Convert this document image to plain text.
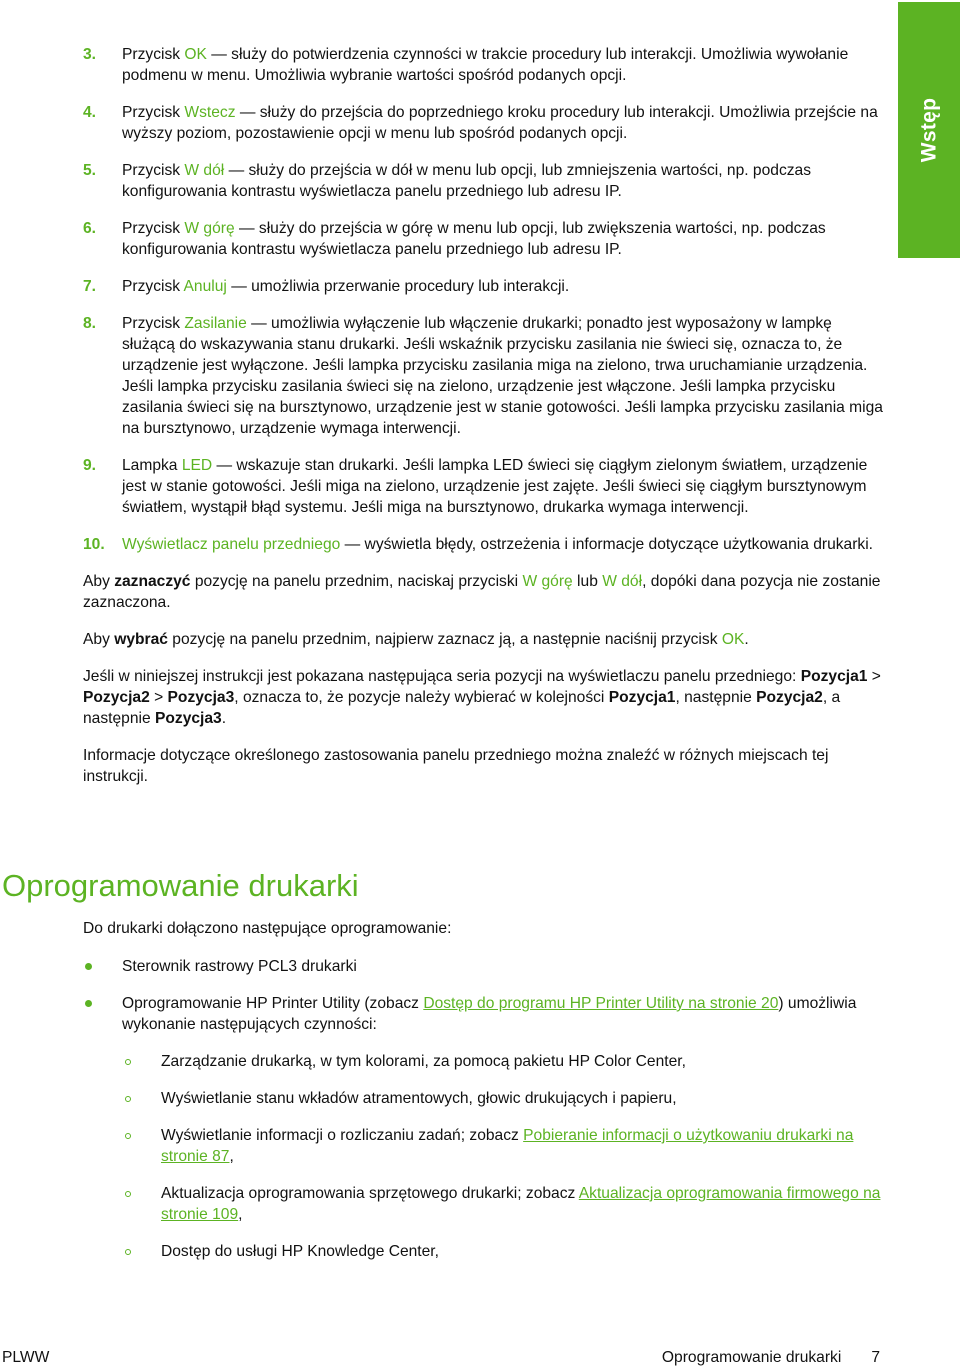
Wstęp
3.	Przycisk OK — służy do potwierdzenia czynności w trakcie procedury lub interakcji. Umożliwia wywołanie podmenu w menu. Umożliwia wybranie wartości spośród podanych opcji.
4.	Przycisk Wstecz — służy do przejścia do poprzedniego kroku procedury lub interakcji. Umożliwia przejście na wyższy poziom, pozostawienie opcji w menu lub spośród podanych opcji.
5.	Przycisk W dół — służy do przejścia w dół w menu lub opcji, lub zmniejszenia wartości, np. podczas konfigurowania kontrastu wyświetlacza panelu przedniego lub adresu IP.
6.	Przycisk W górę — służy do przejścia w górę w menu lub opcji, lub zwiększenia wartości, np. podczas konfigurowania kontrastu wyświetlacza panelu przedniego lub adresu IP.
7.	Przycisk Anuluj — umożliwia przerwanie procedury lub interakcji.
8.	Przycisk Zasilanie — umożliwia wyłączenie lub włączenie drukarki; ponadto jest wyposażony w lampkę służącą do wskazywania stanu drukarki. Jeśli wskaźnik przycisku zasilania nie świeci się, oznacza to, że urządzenie jest wyłączone. Jeśli lampka przycisku zasilania miga na zielono, trwa uruchamianie urządzenia. Jeśli lampka przycisku zasilania świeci się na zielono, urządzenie jest włączone. Jeśli lampka przycisku zasilania świeci się na bursztynowo, urządzenie jest w stanie gotowości. Jeśli lampka przycisku zasilania miga na bursztynowo, urządzenie wymaga interwencji.
9.	Lampka LED — wskazuje stan drukarki. Jeśli lampka LED świeci się ciągłym zielonym światłem, urządzenie jest w stanie gotowości. Jeśli miga na zielono, urządzenie jest zajęte. Jeśli świeci się ciągłym bursztynowym światłem, wystąpił błąd systemu. Jeśli miga na bursztynowo, drukarka wymaga interwencji.
10.	Wyświetlacz panelu przedniego — wyświetla błędy, ostrzeżenia i informacje dotyczące użytkowania drukarki.

Aby zaznaczyć pozycję na panelu przednim, naciskaj przyciski W górę lub W dół, dopóki dana pozycja nie zostanie zaznaczona.

Aby wybrać pozycję na panelu przednim, najpierw zaznacz ją, a następnie naciśnij przycisk OK.

Jeśli w niniejszej instrukcji jest pokazana następująca seria pozycji na wyświetlaczu panelu przedniego: Pozycja1 > Pozycja2 > Pozycja3, oznacza to, że pozycje należy wybierać w kolejności Pozycja1, następnie Pozycja2, a następnie Pozycja3.

Informacje dotyczące określonego zastosowania panelu przedniego można znaleźć w różnych miejscach tej instrukcji.

Oprogramowanie drukarki

Do drukarki dołączono następujące oprogramowanie:

Sterownik rastrowy PCL3 drukarki
Oprogramowanie HP Printer Utility (zobacz Dostęp do programu HP Printer Utility na stronie 20) umożliwia wykonanie następujących czynności:
Zarządzanie drukarką, w tym kolorami, za pomocą pakietu HP Color Center,
Wyświetlanie stanu wkładów atramentowych, głowic drukujących i papieru,
Wyświetlanie informacji o rozliczaniu zadań; zobacz Pobieranie informacji o użytkowaniu drukarki na stronie 87,
Aktualizacja oprogramowania sprzętowego drukarki; zobacz Aktualizacja oprogramowania firmowego na stronie 109,
Dostęp do usługi HP Knowledge Center,
PLWW	Oprogramowanie drukarki 7
